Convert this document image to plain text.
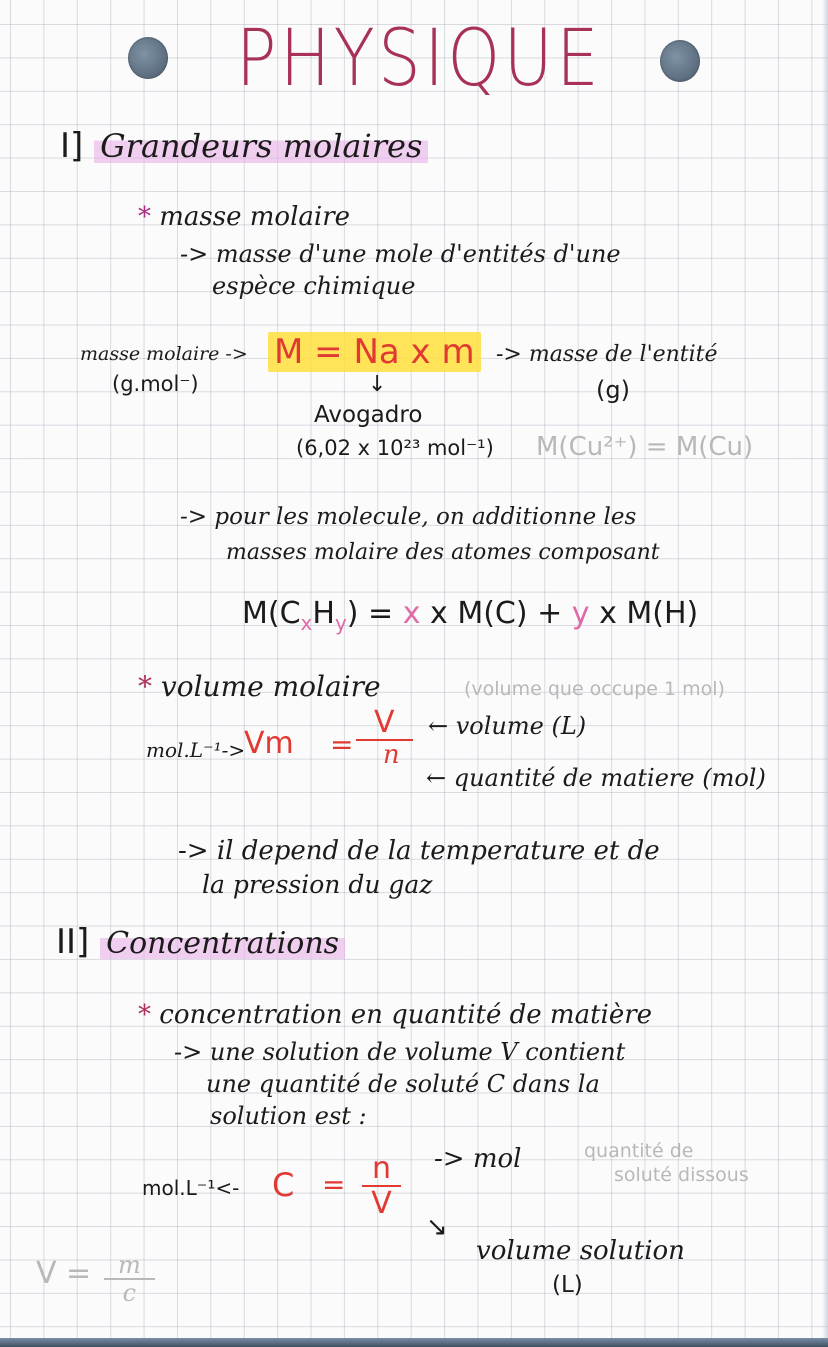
PHYSIQUE
I] Grandeurs molaires
* masse molaire
-> masse d'une mole d'entités d'une
espèce chimique
masse molaire ->
(g.mol⁻)
M = Na x m -> masse de l'entité
(g)
↓
Avogadro
(6,02 x 10²³ mol⁻¹) M(Cu²⁺) = M(Cu)
-> pour les molecule, on additionne les
masses molaire des atomes composant
$M(C_xH_y) = x$ x M(C) + y x M(H)
* volume molaire	(volume que occupe 1 mol)
mol.L⁻¹->
$Vm = \frac{V}{n}$ ← volume (L)
← quantité de matiere (mol)
-> il depend de la temperature et de
la pression du gaz
II] Concentrations
* concentration en quantité de matière
-> une solution de volume V contient
une quantité de soluté C dans la
solution est :
mol.L⁻¹<- $C = \frac{n}{V}$ -> mol	quantité de
soluté dissous
↘
volume solution
(L)
$V = \frac{m}{c}$
